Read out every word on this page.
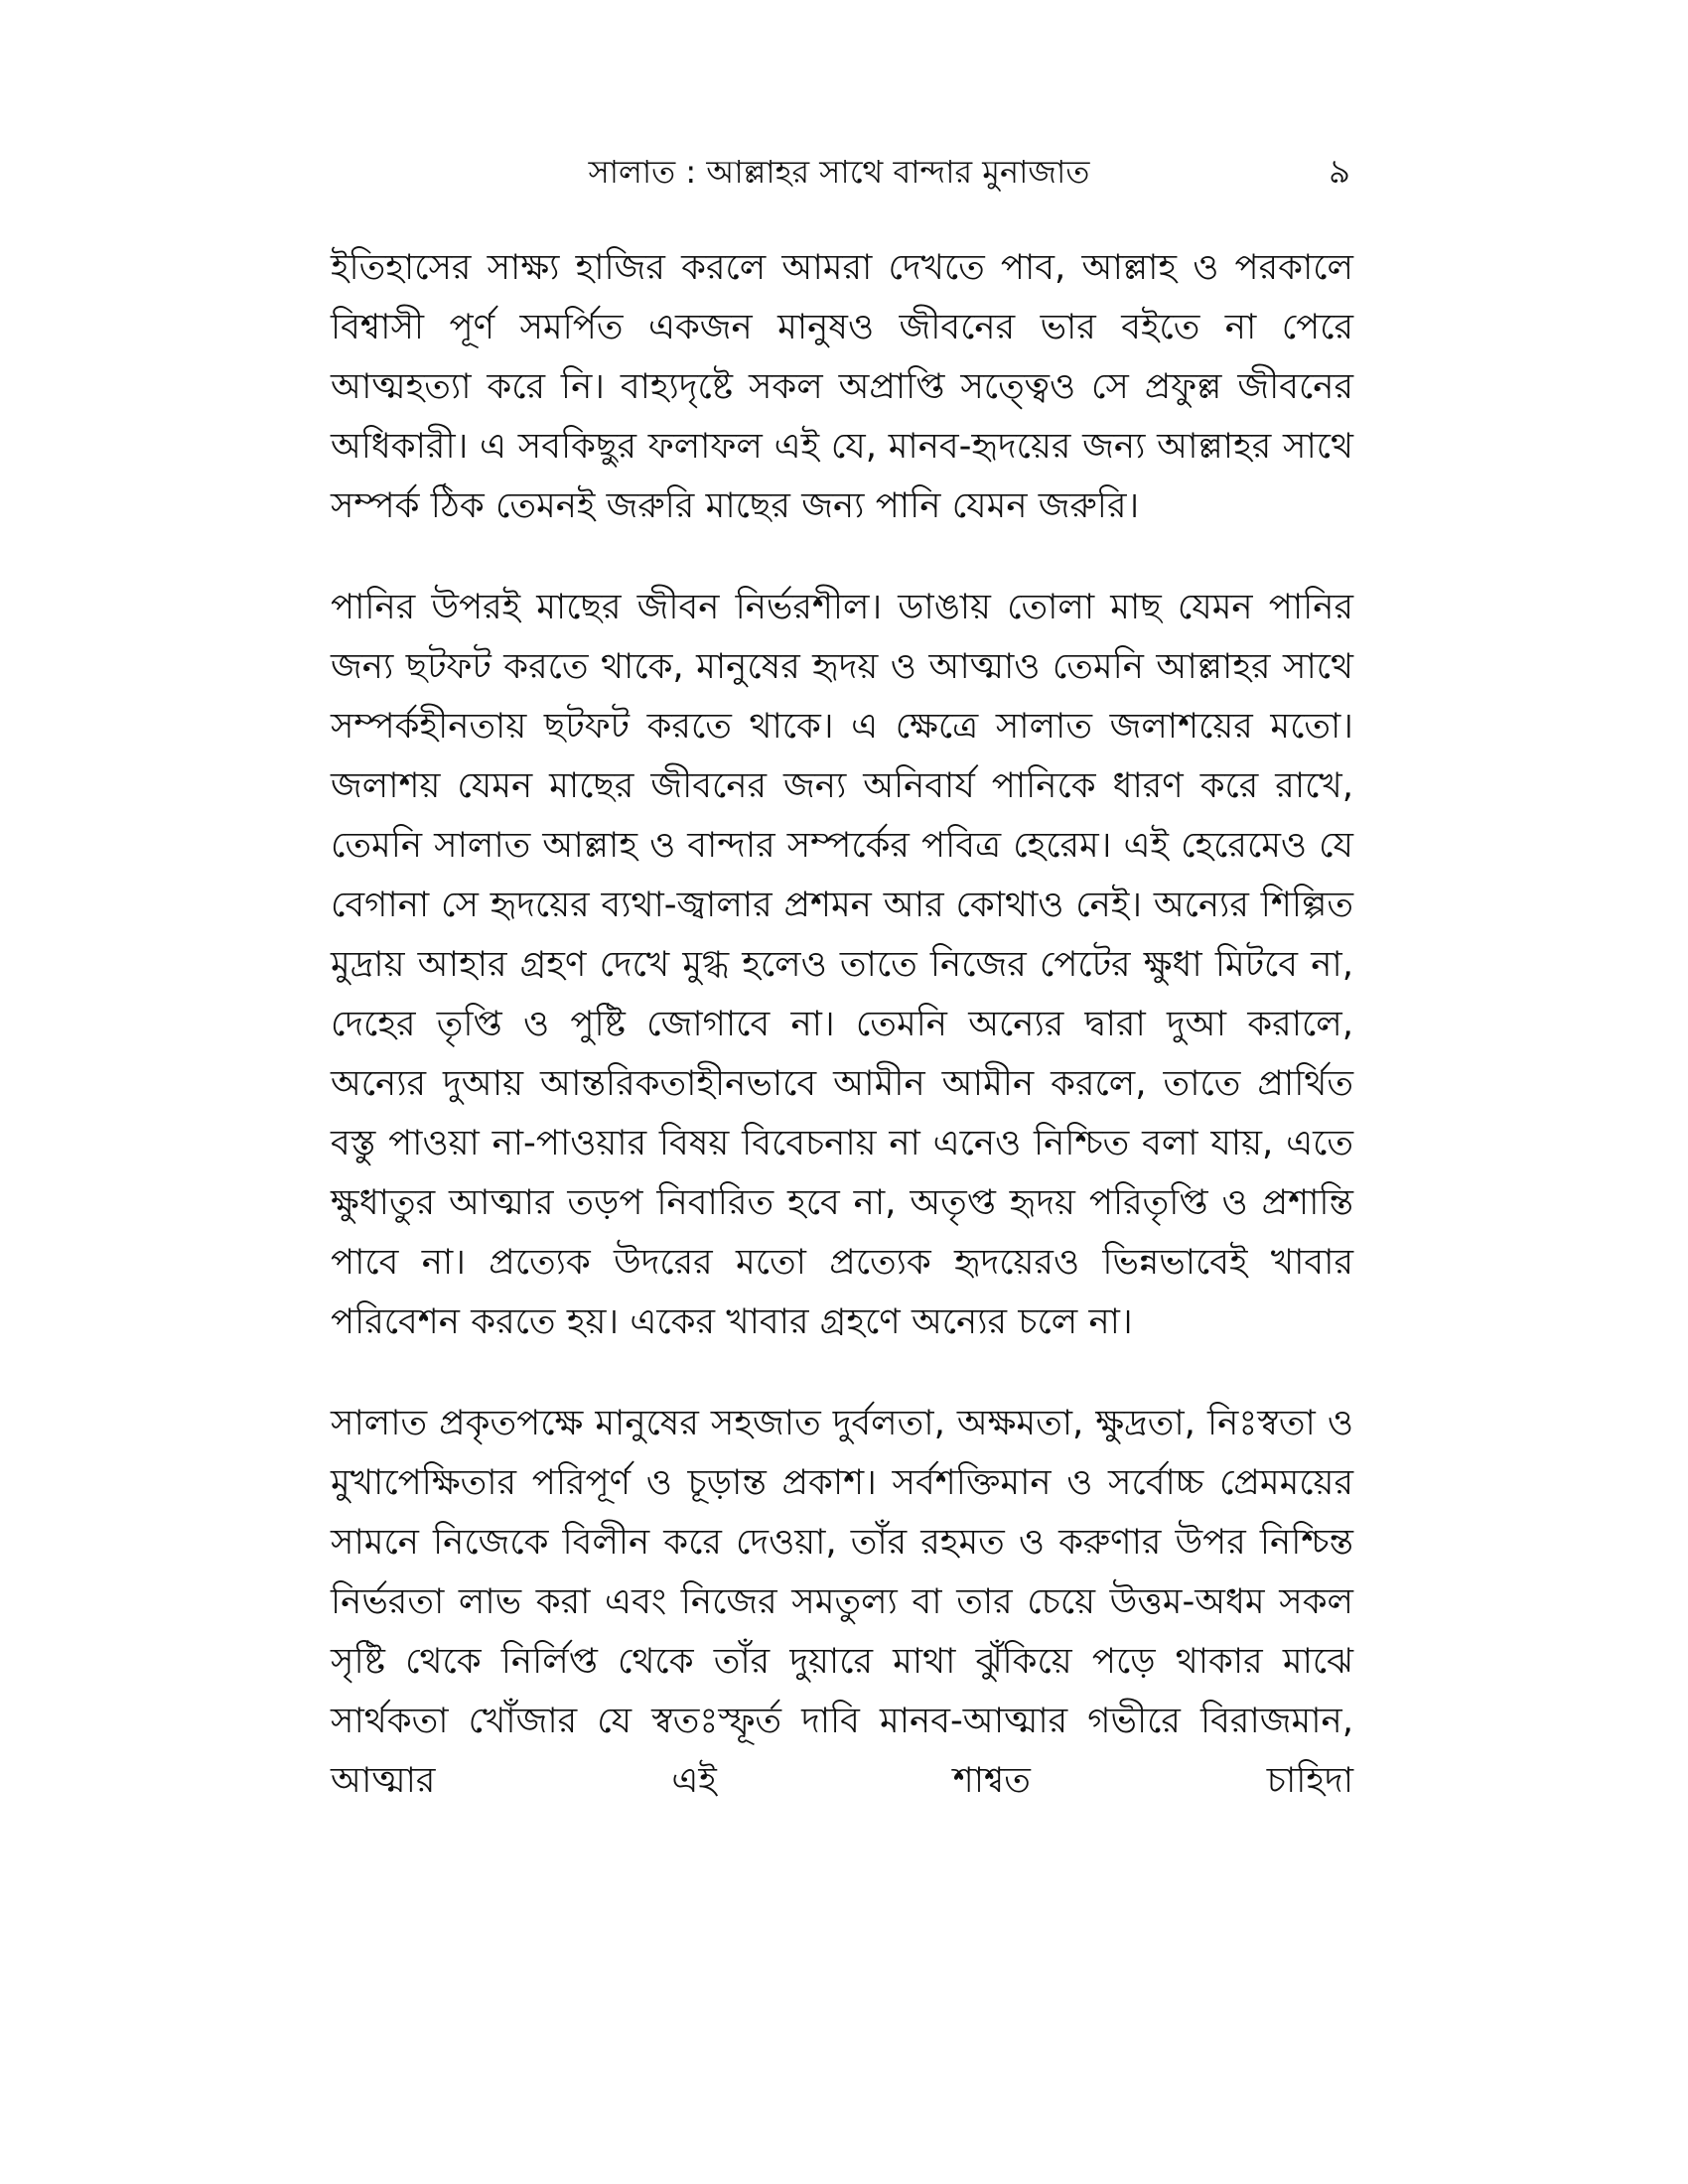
সালাত : আল্লাহর সাথে বান্দার মুনাজাত	৯

ইতিহাসের সাক্ষ্য হাজির করলে আমরা দেখতে পাব, আল্লাহ ও পরকালে বিশ্বাসী পূর্ণ সমর্পিত একজন মানুষও জীবনের ভার বইতে না পেরে আত্মহত্যা করে নি। বাহ্যদৃষ্টে সকল অপ্রাপ্তি সত্ত্বেও সে প্রফুল্ল জীবনের অধিকারী। এ সবকিছুর ফলাফল এই যে, মানব-হৃদয়ের জন্য আল্লাহর সাথে সম্পর্ক ঠিক তেমনই জরুরি মাছের জন্য পানি যেমন জরুরি।

পানির উপরই মাছের জীবন নির্ভরশীল। ডাঙায় তোলা মাছ যেমন পানির জন্য ছটফট করতে থাকে, মানুষের হৃদয় ও আত্মাও তেমনি আল্লাহর সাথে সম্পর্কহীনতায় ছটফট করতে থাকে। এ ক্ষেত্রে সালাত জলাশয়ের মতো। জলাশয় যেমন মাছের জীবনের জন্য অনিবার্য পানিকে ধারণ করে রাখে, তেমনি সালাত আল্লাহ ও বান্দার সম্পর্কের পবিত্র হেরেম। এই হেরেমেও যে বেগানা সে হৃদয়ের ব্যথা-জ্বালার প্রশমন আর কোথাও নেই। অন্যের শিল্পিত মুদ্রায় আহার গ্রহণ দেখে মুগ্ধ হলেও তাতে নিজের পেটের ক্ষুধা মিটবে না, দেহের তৃপ্তি ও পুষ্টি জোগাবে না। তেমনি অন্যের দ্বারা দুআ করালে, অন্যের দুআয় আন্তরিকতাহীনভাবে আমীন আমীন করলে, তাতে প্রার্থিত বস্তু পাওয়া না-পাওয়ার বিষয় বিবেচনায় না এনেও নিশ্চিত বলা যায়, এতে ক্ষুধাতুর আত্মার তড়প নিবারিত হবে না, অতৃপ্ত হৃদয় পরিতৃপ্তি ও প্রশান্তি পাবে না। প্রত্যেক উদরের মতো প্রত্যেক হৃদয়েরও ভিন্নভাবেই খাবার পরিবেশন করতে হয়। একের খাবার গ্রহণে অন্যের চলে না।

সালাত প্রকৃতপক্ষে মানুষের সহজাত দুর্বলতা, অক্ষমতা, ক্ষুদ্রতা, নিঃস্বতা ও মুখাপেক্ষিতার পরিপূর্ণ ও চূড়ান্ত প্রকাশ। সর্বশক্তিমান ও সর্বোচ্চ প্রেমময়ের সামনে নিজেকে বিলীন করে দেওয়া, তাঁর রহমত ও করুণার উপর নিশ্চিন্ত নির্ভরতা লাভ করা এবং নিজের সমতুল্য বা তার চেয়ে উত্তম-অধম সকল সৃষ্টি থেকে নির্লিপ্ত থেকে তাঁর দুয়ারে মাথা ঝুঁকিয়ে পড়ে থাকার মাঝে সার্থকতা খোঁজার যে স্বতঃস্ফূর্ত দাবি মানব-আত্মার গভীরে বিরাজমান, আত্মার এই শাশ্বত চাহিদা
